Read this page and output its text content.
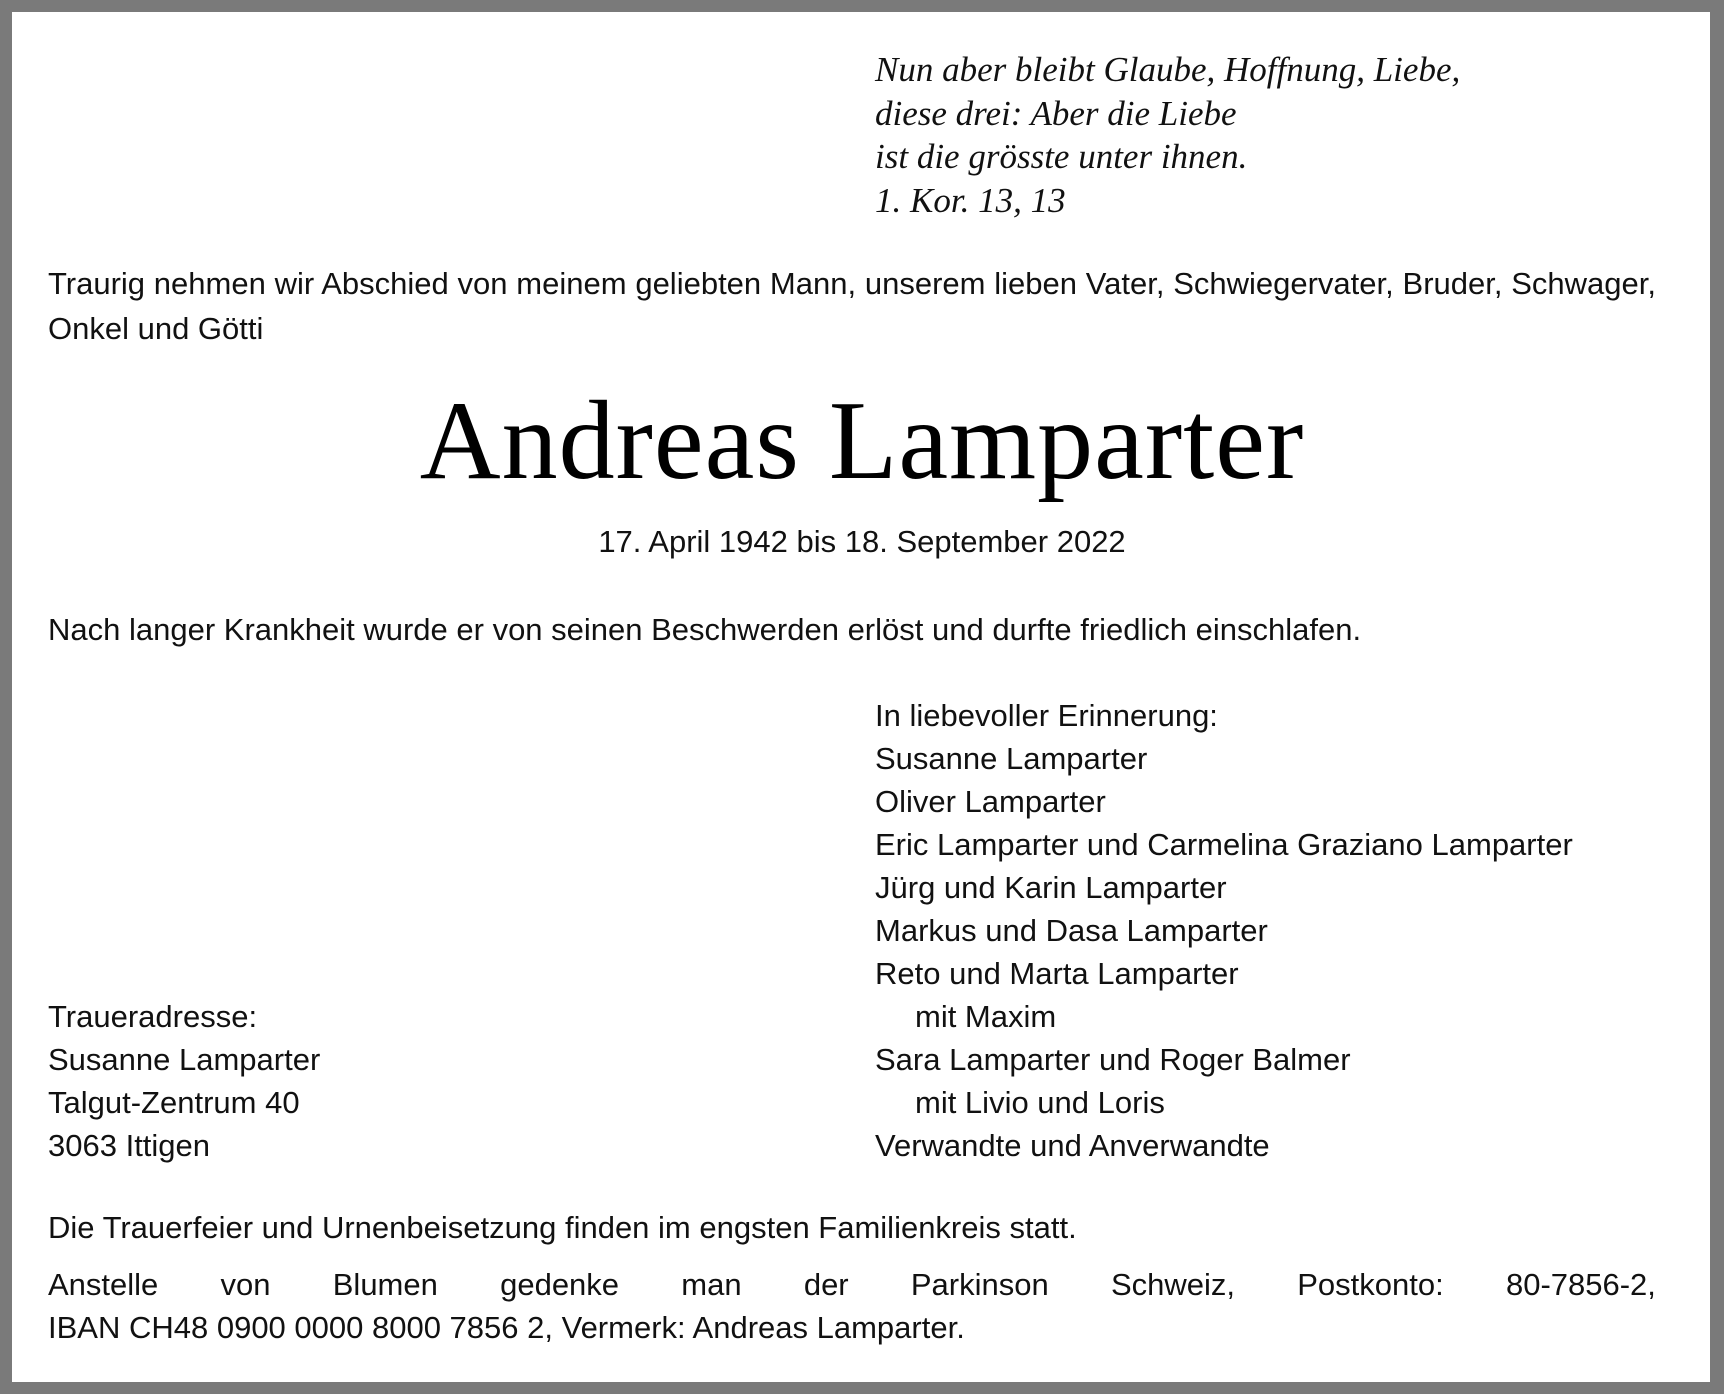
Nun aber bleibt Glaube, Hoffnung, Liebe,
diese drei: Aber die Liebe
ist die grösste unter ihnen.
1. Kor. 13, 13
Traurig nehmen wir Abschied von meinem geliebten Mann, unserem lieben Vater, Schwiegervater, Bruder, Schwager, Onkel und Götti
Andreas Lamparter
17. April 1942 bis 18. September 2022
Nach langer Krankheit wurde er von seinen Beschwerden erlöst und durfte friedlich einschlafen.
In liebevoller Erinnerung:
Susanne Lamparter
Oliver Lamparter
Eric Lamparter und Carmelina Graziano Lamparter
Jürg und Karin Lamparter
Markus und Dasa Lamparter
Reto und Marta Lamparter
mit Maxim
Sara Lamparter und Roger Balmer
mit Livio und Loris
Verwandte und Anverwandte
Traueradresse:
Susanne Lamparter
Talgut-Zentrum 40
3063 Ittigen
Die Trauerfeier und Urnenbeisetzung finden im engsten Familienkreis statt.
Anstelle von Blumen gedenke man der Parkinson Schweiz, Postkonto: 80-7856-2,
IBAN CH48 0900 0000 8000 7856 2, Vermerk: Andreas Lamparter.
